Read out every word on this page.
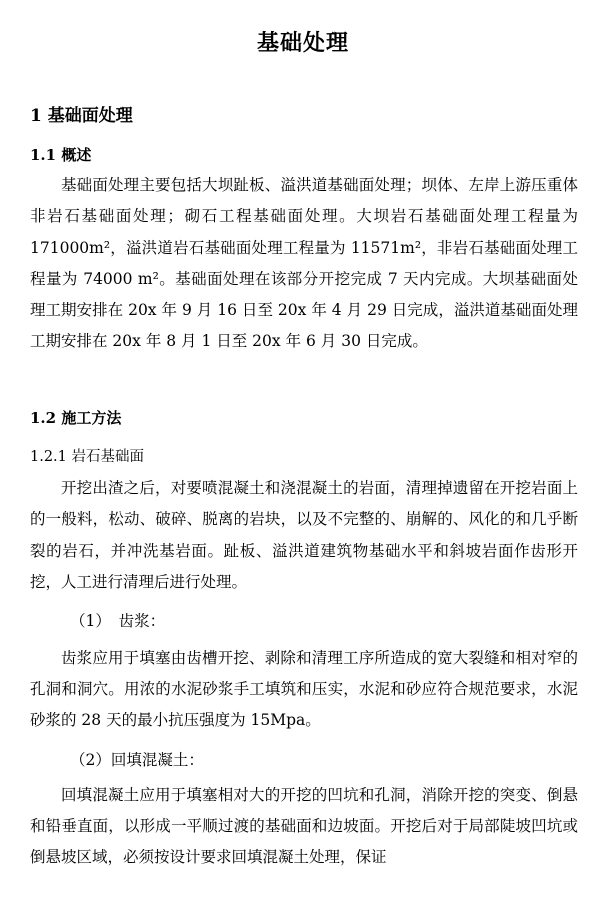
基础处理
1 基础面处理
1.1 概述

基础面处理主要包括大坝趾板、溢洪道基础面处理；坝体、左岸上游压重体非岩石基础面处理；砌石工程基础面处理。大坝岩石基础面处理工程量为 171000m²，溢洪道岩石基础面处理工程量为 11571m²，非岩石基础面处理工程量为 74000 m²。基础面处理在该部分开挖完成 7 天内完成。大坝基础面处理工期安排在 20x 年 9 月 16 日至 20x 年 4 月 29 日完成，溢洪道基础面处理工期安排在 20x 年 8 月 1 日至 20x 年 6 月 30 日完成。

1.2 施工方法
1.2.1 岩石基础面

开挖出渣之后，对要喷混凝土和浇混凝土的岩面，清理掉遗留在开挖岩面上的一般料，松动、破碎、脱离的岩块，以及不完整的、崩解的、风化的和几乎断裂的岩石，并冲洗基岩面。趾板、溢洪道建筑物基础水平和斜坡岩面作齿形开挖，人工进行清理后进行处理。

（1）　齿浆：

齿浆应用于填塞由齿槽开挖、剥除和清理工序所造成的宽大裂缝和相对窄的孔洞和洞穴。用浓的水泥砂浆手工填筑和压实，水泥和砂应符合规范要求，水泥砂浆的 28 天的最小抗压强度为 15Mpa。

（2）回填混凝土：

回填混凝土应用于填塞相对大的开挖的凹坑和孔洞，消除开挖的突变、倒悬和铅垂直面，以形成一平顺过渡的基础面和边坡面。开挖后对于局部陡坡凹坑或倒悬坡区域，必须按设计要求回填混凝土处理，保证
